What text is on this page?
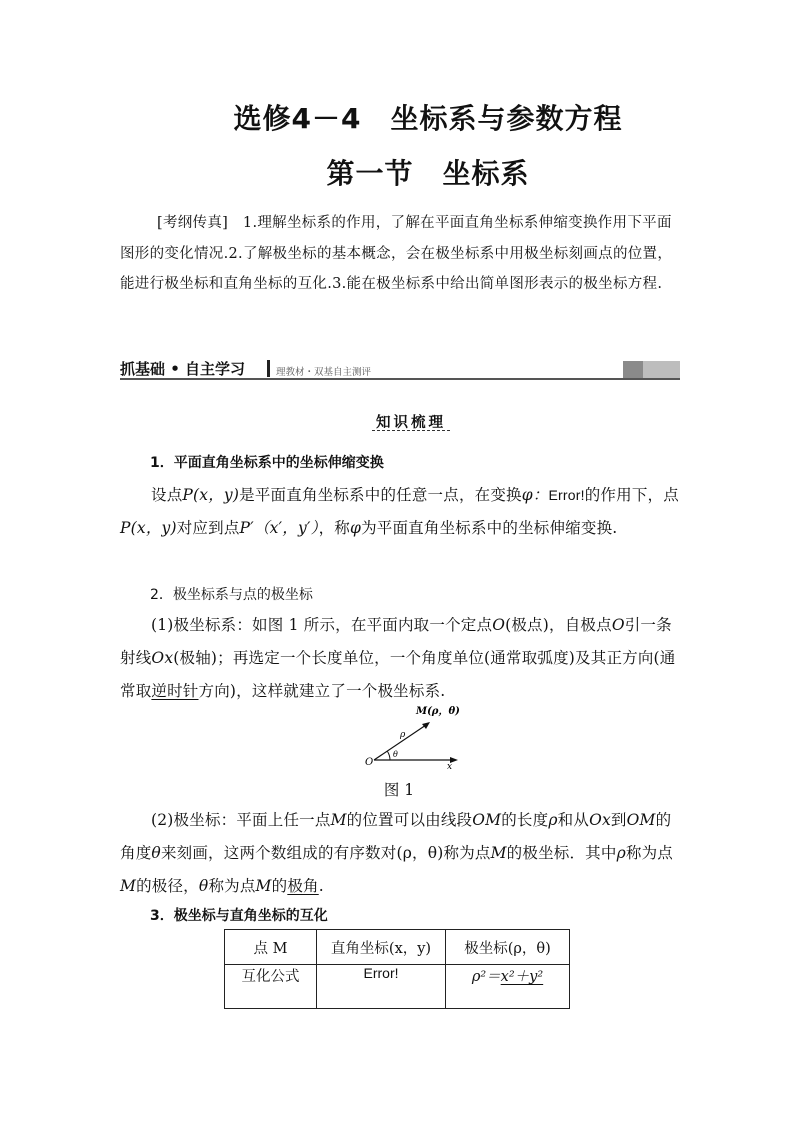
选修4－4　坐标系与参数方程
第一节　坐标系
[考纲传真]　1.理解坐标系的作用，了解在平面直角坐标系伸缩变换作用下平面图形的变化情况.2.了解极坐标的基本概念，会在极坐标系中用极坐标刻画点的位置，能进行极坐标和直角坐标的互化.3.能在极坐标系中给出简单图形表示的极坐标方程.
抓基础 • 自主学习	理教材・双基自主测评
知识梳理
1．平面直角坐标系中的坐标伸缩变换
设点P(x，y)是平面直角坐标系中的任意一点，在变换φ：Error!的作用下，点P(x，y)对应到点P′（x′，y′），称φ为平面直角坐标系中的坐标伸缩变换.
2．极坐标系与点的极坐标
(1)极坐标系：如图 1 所示，在平面内取一个定点O(极点)，自极点O引一条射线Ox(极轴)；再选定一个长度单位，一个角度单位(通常取弧度)及其正方向(通常取逆时针方向)，这样就建立了一个极坐标系.
M(ρ，θ)
ρ
θ
O	x
图 1
(2)极坐标：平面上任一点M的位置可以由线段OM的长度ρ和从Ox到OM的角度θ来刻画，这两个数组成的有序数对(ρ，θ)称为点M的极坐标．其中ρ称为点M的极径，θ称为点M的极角.
3．极坐标与直角坐标的互化
点 M	直角坐标(x，y)	极坐标(ρ，θ)
互化公式	Error!	ρ²＝x²＋y²
